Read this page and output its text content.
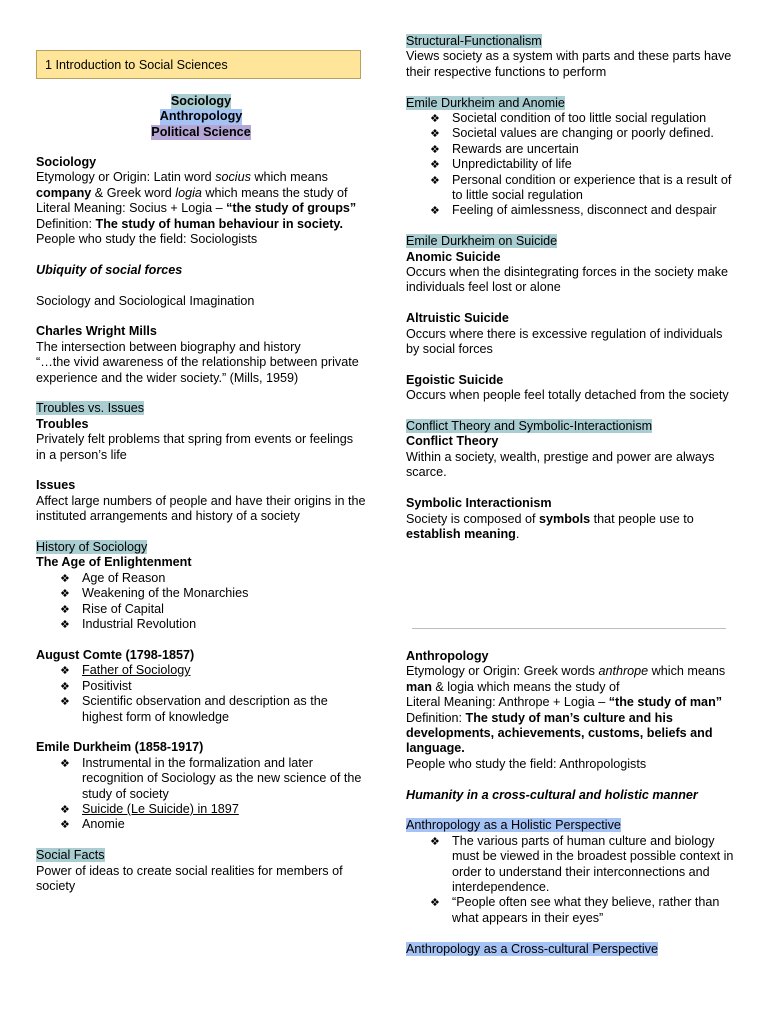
1 Introduction to Social Sciences

Sociology

Anthropology

Political Science

Sociology

Etymology or Origin: Latin word socius which means company & Greek word logia which means the study of

Literal Meaning: Socius + Logia – “the study of groups”

Definition: The study of human behaviour in society.

People who study the field: Sociologists

Ubiquity of social forces

Sociology and Sociological Imagination

Charles Wright Mills

The intersection between biography and history

“…the vivid awareness of the relationship between private experience and the wider society.” (Mills, 1959)

Troubles vs. Issues

Troubles

Privately felt problems that spring from events or feelings in a person’s life

Issues

Affect large numbers of people and have their origins in the instituted arrangements and history of a society

History of Sociology

The Age of Enlightenment

❖ Age of Reason
❖ Weakening of the Monarchies
❖ Rise of Capital
❖ Industrial Revolution

August Comte (1798-1857)

❖ Father of Sociology
❖ Positivist
❖ Scientific observation and description as the highest form of knowledge

Emile Durkheim (1858-1917)

❖ Instrumental in the formalization and later recognition of Sociology as the new science of the study of society
❖ Suicide (Le Suicide) in 1897
❖ Anomie

Social Facts

Power of ideas to create social realities for members of society

Structural-Functionalism

Views society as a system with parts and these parts have their respective functions to perform

Emile Durkheim and Anomie

❖ Societal condition of too little social regulation
❖ Societal values are changing or poorly defined.
❖ Rewards are uncertain
❖ Unpredictability of life
❖ Personal condition or experience that is a result of to little social regulation
❖ Feeling of aimlessness, disconnect and despair

Emile Durkheim on Suicide

Anomic Suicide

Occurs when the disintegrating forces in the society make individuals feel lost or alone

Altruistic Suicide

Occurs where there is excessive regulation of individuals by social forces

Egoistic Suicide

Occurs when people feel totally detached from the society

Conflict Theory and Symbolic-Interactionism

Conflict Theory

Within a society, wealth, prestige and power are always scarce.

Symbolic Interactionism

Society is composed of symbols that people use to establish meaning.

Anthropology

Etymology or Origin: Greek words anthrope which means man & logia which means the study of

Literal Meaning: Anthrope + Logia – “the study of man”

Definition: The study of man’s culture and his developments, achievements, customs, beliefs and language.

People who study the field: Anthropologists

Humanity in a cross-cultural and holistic manner

Anthropology as a Holistic Perspective

❖ The various parts of human culture and biology must be viewed in the broadest possible context in order to understand their interconnections and interdependence.
❖ “People often see what they believe, rather than what appears in their eyes”

Anthropology as a Cross-cultural Perspective
